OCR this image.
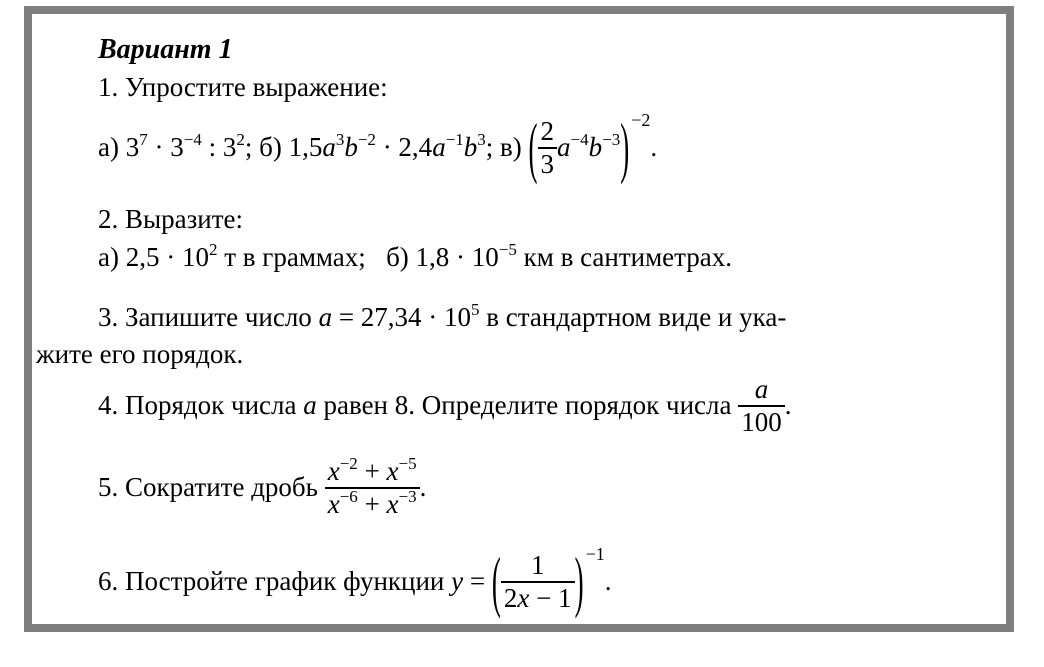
Вариант 1
1. Упростите выражение:
а) $3^7 \cdot 3^{-4}$ : $3^2$; б) $1,5a^3b^{-2} \cdot 2,4a^{-1}b^3$; в) ( $\frac{2}{3} a^{-4}b^{-3}$) $^{-2}$.
2. Выразите:
а) $2,5 \cdot 10^2$ т в граммах; б) $1,8 \cdot 10^{-5}$ км в сантиметрах.
3. Запишите число $a = 27,34 \cdot 10^5$ в стандартном виде и ука-
жите его порядок.
4. Порядок числа a равен 8. Определите порядок числа $\frac{a}{100}$ .
5. Сократите дробь $\frac{x^{-2} + x^{-5}}{x^{-6} + x^{-3}}$ .
6. Постройте график функции y = ( $\frac{1}{2x - 1}$ ) $^{-1}$.
